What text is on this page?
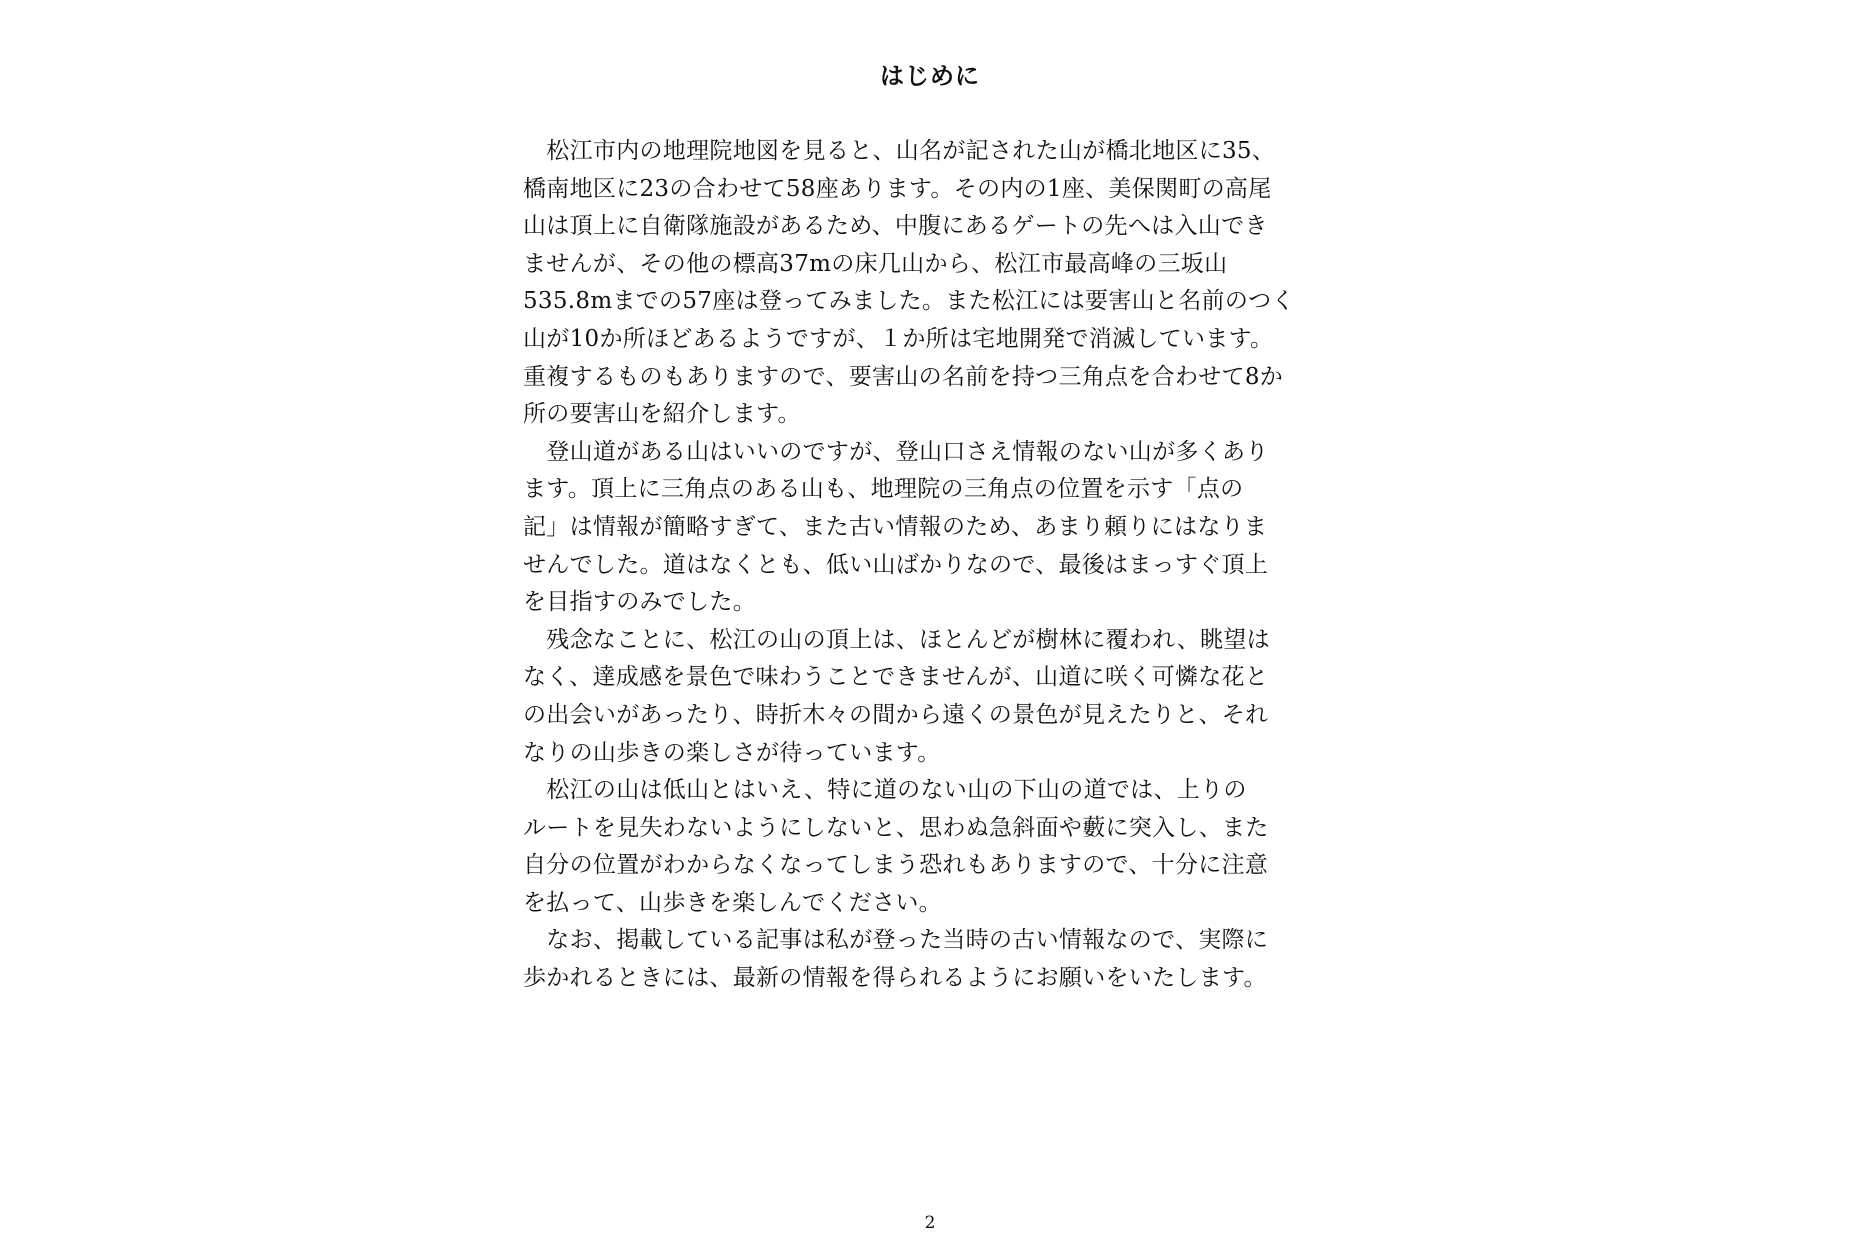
はじめに
　松江市内の地理院地図を見ると、山名が記された山が橋北地区に35、
橋南地区に23の合わせて58座あります。その内の1座、美保関町の高尾
山は頂上に自衛隊施設があるため、中腹にあるゲートの先へは入山でき
ませんが、その他の標高37mの床几山から、松江市最高峰の三坂山
535.8mまでの57座は登ってみました。また松江には要害山と名前のつく
山が10か所ほどあるようですが、１か所は宅地開発で消滅しています。
重複するものもありますので、要害山の名前を持つ三角点を合わせて8か
所の要害山を紹介します。
　登山道がある山はいいのですが、登山口さえ情報のない山が多くあり
ます。頂上に三角点のある山も、地理院の三角点の位置を示す「点の
記」は情報が簡略すぎて、また古い情報のため、あまり頼りにはなりま
せんでした。道はなくとも、低い山ばかりなので、最後はまっすぐ頂上
を目指すのみでした。
　残念なことに、松江の山の頂上は、ほとんどが樹林に覆われ、眺望は
なく、達成感を景色で味わうことできませんが、山道に咲く可憐な花と
の出会いがあったり、時折木々の間から遠くの景色が見えたりと、それ
なりの山歩きの楽しさが待っています。
　松江の山は低山とはいえ、特に道のない山の下山の道では、上りの
ルートを見失わないようにしないと、思わぬ急斜面や藪に突入し、また
自分の位置がわからなくなってしまう恐れもありますので、十分に注意
を払って、山歩きを楽しんでください。
　なお、掲載している記事は私が登った当時の古い情報なので、実際に
歩かれるときには、最新の情報を得られるようにお願いをいたします。
2
